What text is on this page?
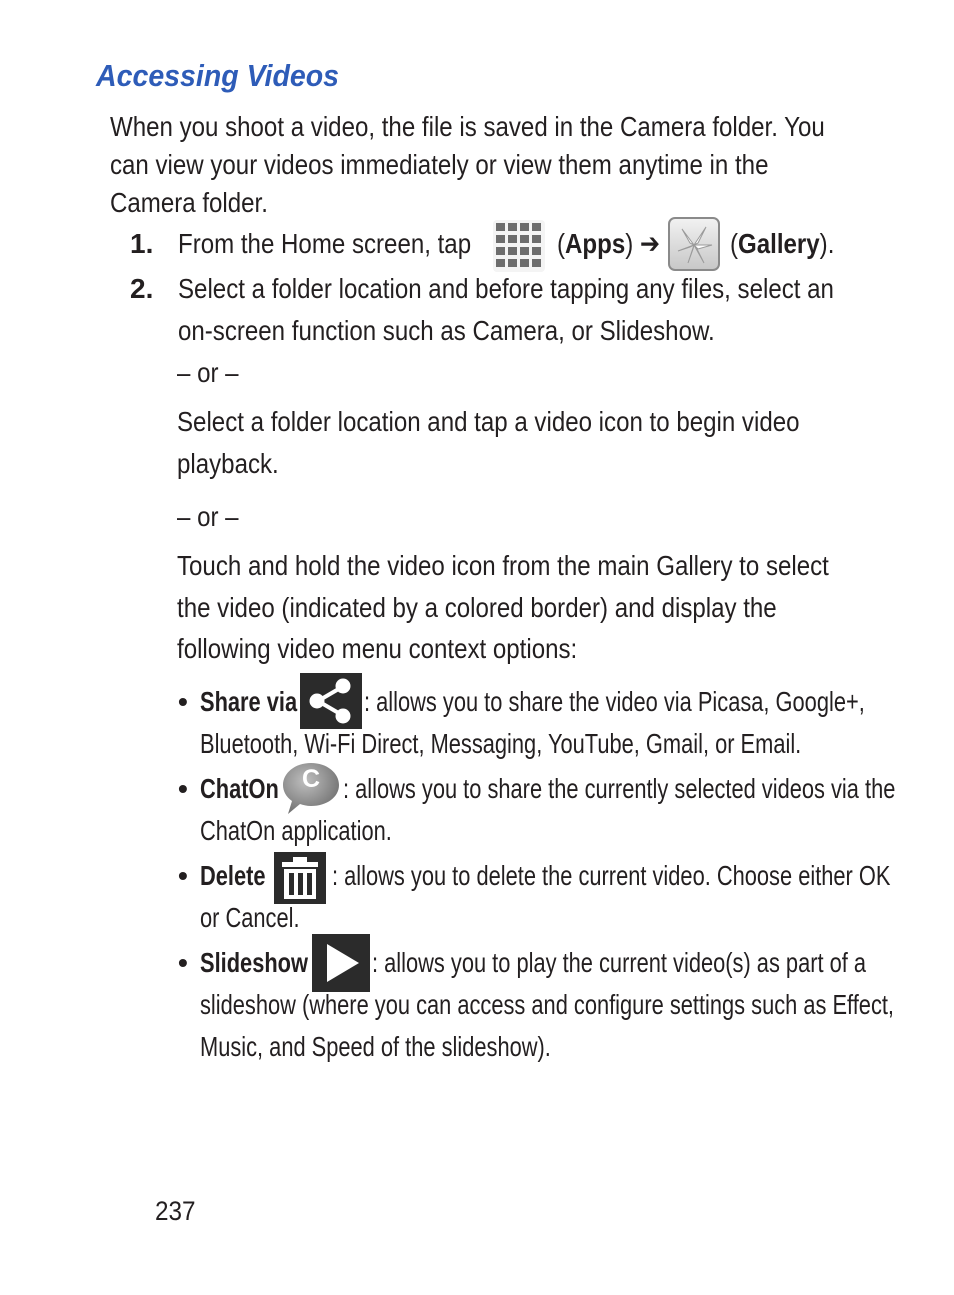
Accessing Videos
When you shoot a video, the file is saved in the Camera folder. You
can view your videos immediately or view them anytime in the
Camera folder.
1. From the Home screen, tap	(Apps) ➔	(Gallery).
2. Select a folder location and before tapping any files, select an
on-screen function such as Camera, or Slideshow.
– or –
Select a folder location and tap a video icon to begin video
playback.
– or –
Touch and hold the video icon from the main Gallery to select
the video (indicated by a colored border) and display the
following video menu context options:
• Share via	: allows you to share the video via Picasa, Google+,
Bluetooth, Wi-Fi Direct, Messaging, YouTube, Gmail, or Email.
• ChatOn C : allows you to share the currently selected videos via the
ChatOn application.
• Delete	: allows you to delete the current video. Choose either OK
or Cancel.
• Slideshow	: allows you to play the current video(s) as part of a
slideshow (where you can access and configure settings such as Effect,
Music, and Speed of the slideshow).
237
